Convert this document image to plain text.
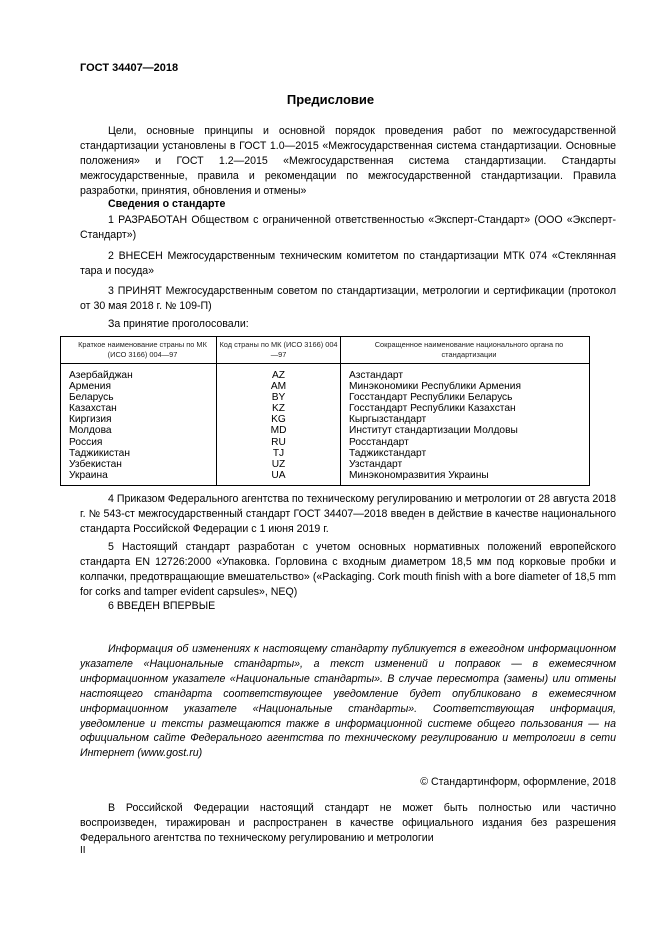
ГОСТ 34407—2018
Предисловие
Цели, основные принципы и основной порядок проведения работ по межгосударственной стандартизации установлены в ГОСТ 1.0—2015 «Межгосударственная система стандартизации. Основные положения» и ГОСТ 1.2—2015 «Межгосударственная система стандартизации. Стандарты межгосударственные, правила и рекомендации по межгосударственной стандартизации. Правила разработки, принятия, обновления и отмены»
Сведения о стандарте
1 РАЗРАБОТАН Обществом с ограниченной ответственностью «Эксперт-Стандарт» (ООО «Эксперт-Стандарт»)
2 ВНЕСЕН Межгосударственным техническим комитетом по стандартизации МТК 074 «Стеклянная тара и посуда»
3 ПРИНЯТ Межгосударственным советом по стандартизации, метрологии и сертификации (протокол от 30 мая 2018 г. № 109-П)
За принятие проголосовали:
Краткое наименование страны по МК (ИСО 3166) 004—97	Код страны по МК (ИСО 3166) 004—97	Сокращенное наименование национального органа по стандартизации
Азербайджан	AZ	Азстандарт
Армения	AM	Минэкономики Республики Армения
Беларусь	BY	Госстандарт Республики Беларусь
Казахстан	KZ	Госстандарт Республики Казахстан
Киргизия	KG	Кыргызстандарт
Молдова	MD	Институт стандартизации Молдовы
Россия	RU	Росстандарт
Таджикистан	TJ	Таджикстандарт
Узбекистан	UZ	Узстандарт
Украина	UA	Минэкономразвития Украины
4 Приказом Федерального агентства по техническому регулированию и метрологии от 28 августа 2018 г. № 543-ст межгосударственный стандарт ГОСТ 34407—2018 введен в действие в качестве национального стандарта Российской Федерации с 1 июня 2019 г.
5 Настоящий стандарт разработан с учетом основных нормативных положений европейского стандарта EN 12726:2000 «Упаковка. Горловина с входным диаметром 18,5 мм под корковые пробки и колпачки, предотвращающие вмешательство» («Packaging. Cork mouth finish with a bore diameter of 18,5 mm for corks and tamper evident capsules», NEQ)
6 ВВЕДЕН ВПЕРВЫЕ
Информация об изменениях к настоящему стандарту публикуется в ежегодном информационном указателе «Национальные стандарты», а текст изменений и поправок — в ежемесячном информационном указателе «Национальные стандарты». В случае пересмотра (замены) или отмены настоящего стандарта соответствующее уведомление будет опубликовано в ежемесячном информационном указателе «Национальные стандарты». Соответствующая информация, уведомление и тексты размещаются также в информационной системе общего пользования — на официальном сайте Федерального агентства по техническому регулированию и метрологии в сети Интернет (www.gost.ru)
© Стандартинформ, оформление, 2018
В Российской Федерации настоящий стандарт не может быть полностью или частично воспроизведен, тиражирован и распространен в качестве официального издания без разрешения Федерального агентства по техническому регулированию и метрологии
II
